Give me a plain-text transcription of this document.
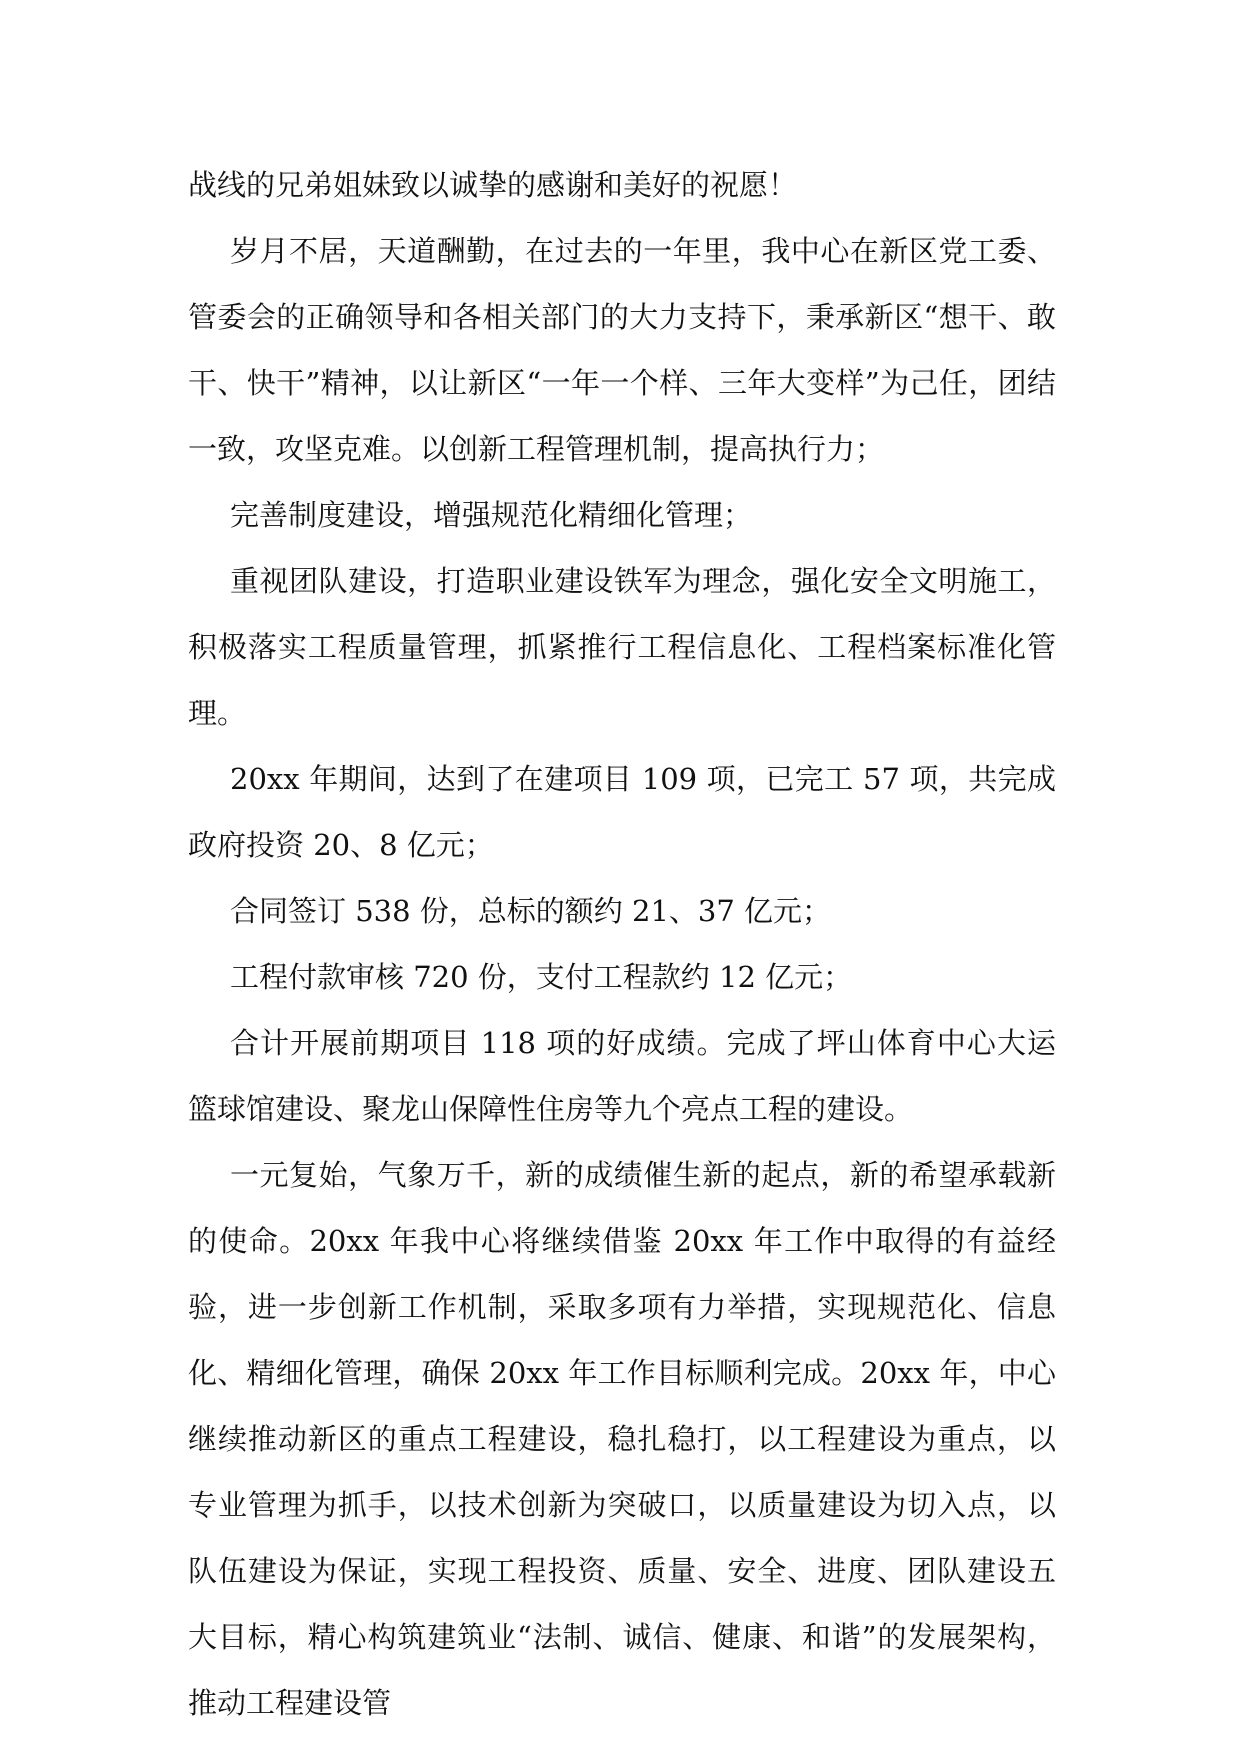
战线的兄弟姐妹致以诚挚的感谢和美好的祝愿！

岁月不居，天道酬勤，在过去的一年里，我中心在新区党工委、管委会的正确领导和各相关部门的大力支持下，秉承新区“想干、敢干、快干”精神，以让新区“一年一个样、三年大变样”为己任，团结一致，攻坚克难。以创新工程管理机制，提高执行力；

完善制度建设，增强规范化精细化管理；

重视团队建设，打造职业建设铁军为理念，强化安全文明施工，积极落实工程质量管理，抓紧推行工程信息化、工程档案标准化管理。

20xx 年期间，达到了在建项目 109 项，已完工 57 项，共完成政府投资 20、8 亿元；

合同签订 538 份，总标的额约 21、37 亿元；

工程付款审核 720 份，支付工程款约 12 亿元；

合计开展前期项目 118 项的好成绩。完成了坪山体育中心大运篮球馆建设、聚龙山保障性住房等九个亮点工程的建设。

一元复始，气象万千，新的成绩催生新的起点，新的希望承载新的使命。20xx 年我中心将继续借鉴 20xx 年工作中取得的有益经验，进一步创新工作机制，采取多项有力举措，实现规范化、信息化、精细化管理，确保 20xx 年工作目标顺利完成。20xx 年，中心继续推动新区的重点工程建设，稳扎稳打，以工程建设为重点，以专业管理为抓手，以技术创新为突破口，以质量建设为切入点，以队伍建设为保证，实现工程投资、质量、安全、进度、团队建设五大目标，精心构筑建筑业“法制、诚信、健康、和谐”的发展架构，推动工程建设管
